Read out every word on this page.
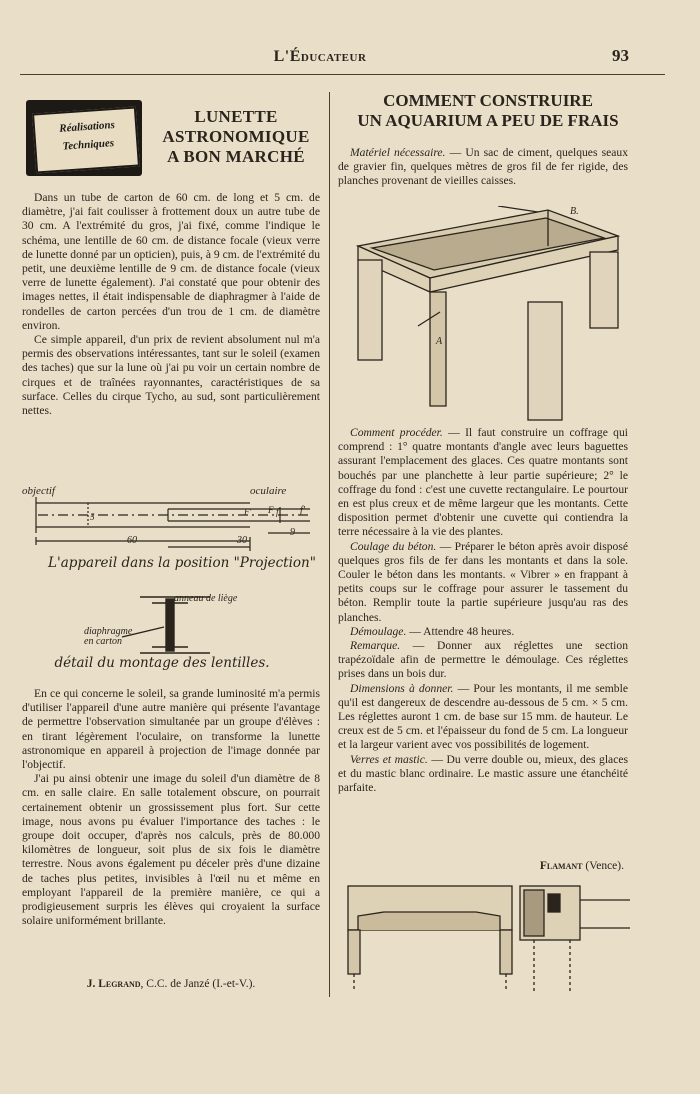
L'Éducateur	93
Réalisations
Techniques
LUNETTE
ASTRONOMIQUE
A BON MARCHÉ

Dans un tube de carton de 60 cm. de long et 5 cm. de diamètre, j'ai fait coulisser à frottement doux un autre tube de 30 cm. A l'extrémité du gros, j'ai fixé, comme l'indique le schéma, une lentille de 60 cm. de distance focale (vieux verre de lunette donné par un opticien), puis, à 9 cm. de l'extrémité du petit, une deuxième lentille de 9 cm. de distance focale (vieux verre de lunette également). J'ai constaté que pour obtenir des images nettes, il était indispensable de diaphragmer à l'aide de rondelles de carton percées d'un trou de 1 cm. de diamètre environ.

Ce simple appareil, d'un prix de revient absolument nul m'a permis des observations intéressantes, tant sur le soleil (examen des taches) que sur la lune où j'ai pu voir un certain nombre de cirques et de traînées rayonnantes, caractéristiques de sa surface. Celles du cirque Tycho, au sud, sont particulièrement nettes.

objectif	oculaire
5
F f
F'	f'
60	30
9
L'appareil dans la position "Projection"
anneau de liège
diaphragme
en carton
détail du montage des lentilles.

En ce qui concerne le soleil, sa grande luminosité m'a permis d'utiliser l'appareil d'une autre manière qui présente l'avantage de permettre l'observation simultanée par un groupe d'élèves : en tirant légèrement l'oculaire, on transforme la lunette astronomique en appareil à projection de l'image donnée par l'objectif.

J'ai pu ainsi obtenir une image du soleil d'un diamètre de 8 cm. en salle claire. En salle totalement obscure, on pourrait certainement obtenir un grossissement plus fort. Sur cette image, nous avons pu évaluer l'importance des taches : le groupe doit occuper, d'après nos calculs, près de 80.000 kilomètres de longueur, soit plus de six fois le diamètre terrestre. Nous avons également pu déceler près d'une dizaine de taches plus petites, invisibles à l'œil nu et même en employant l'appareil de la première manière, ce qui a prodigieusement surpris les élèves qui croyaient la surface solaire uniformément brillante.

J. Legrand, C.C. de Janzé (I.-et-V.).
COMMENT CONSTRUIRE
UN AQUARIUM A PEU DE FRAIS

Matériel nécessaire. — Un sac de ciment, quelques seaux de gravier fin, quelques mètres de gros fil de fer rigide, des planches provenant de vieilles caisses.

B.
A

Comment procéder. — Il faut construire un coffrage qui comprend : 1° quatre montants d'angle avec leurs baguettes assurant l'emplacement des glaces. Ces quatre montants sont bouchés par une planchette à leur partie supérieure; 2° le coffrage du fond : c'est une cuvette rectangulaire. Le pourtour en est plus creux et de même largeur que les montants. Cette disposition permet d'obtenir une cuvette qui contiendra la terre nécessaire à la vie des plantes.

Coulage du béton. — Préparer le béton après avoir disposé quelques gros fils de fer dans les montants et dans la sole. Couler le béton dans les montants. « Vibrer » en frappant à petits coups sur le coffrage pour assurer le tassement du béton. Remplir toute la partie supérieure jusqu'au ras des planches.

Démoulage. — Attendre 48 heures.

Remarque. — Donner aux réglettes une section trapézoïdale afin de permettre le démoulage. Ces réglettes prises dans un bois dur.

Dimensions à donner. — Pour les montants, il me semble qu'il est dangereux de descendre au-dessous de 5 cm. × 5 cm. Les réglettes auront 1 cm. de base sur 15 mm. de hauteur. Le creux est de 5 cm. et l'épaisseur du fond de 5 cm. La longueur et la largeur varient avec vos possibilités de logement.

Verres et mastic. — Du verre double ou, mieux, des glaces et du mastic blanc ordinaire. Le mastic assure une étanchéité parfaite.

Flamant (Vence).
